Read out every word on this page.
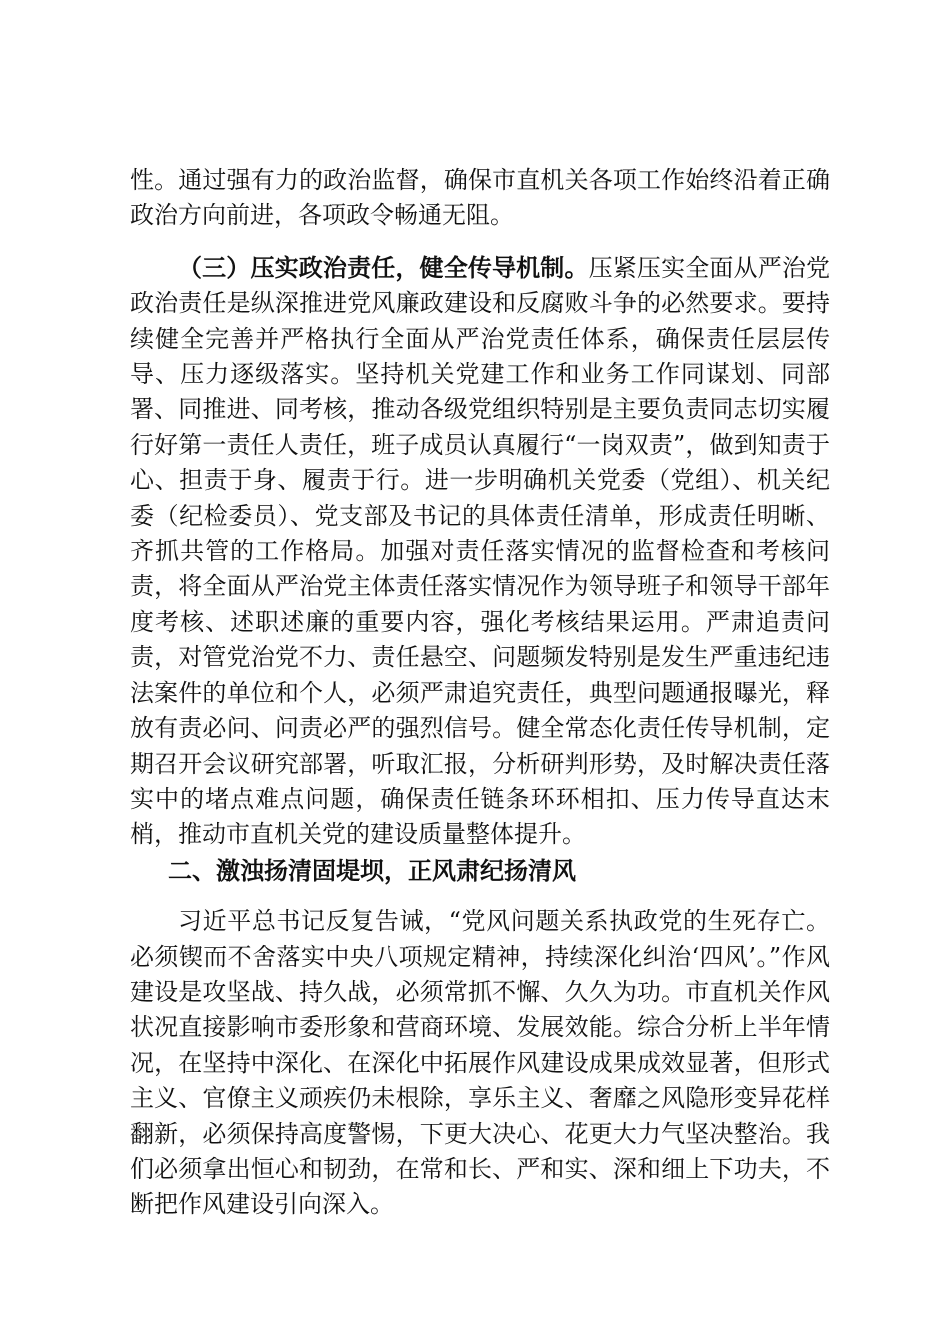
性。通过强有力的政治监督，确保市直机关各项工作始终沿着正确政治方向前进，各项政令畅通无阻。

（三）压实政治责任，健全传导机制。压紧压实全面从严治党政治责任是纵深推进党风廉政建设和反腐败斗争的必然要求。要持续健全完善并严格执行全面从严治党责任体系，确保责任层层传导、压力逐级落实。坚持机关党建工作和业务工作同谋划、同部署、同推进、同考核，推动各级党组织特别是主要负责同志切实履行好第一责任人责任，班子成员认真履行“一岗双责”，做到知责于心、担责于身、履责于行。进一步明确机关党委（党组）、机关纪委（纪检委员）、党支部及书记的具体责任清单，形成责任明晰、齐抓共管的工作格局。加强对责任落实情况的监督检查和考核问责，将全面从严治党主体责任落实情况作为领导班子和领导干部年度考核、述职述廉的重要内容，强化考核结果运用。严肃追责问责，对管党治党不力、责任悬空、问题频发特别是发生严重违纪违法案件的单位和个人，必须严肃追究责任，典型问题通报曝光，释放有责必问、问责必严的强烈信号。健全常态化责任传导机制，定期召开会议研究部署，听取汇报，分析研判形势，及时解决责任落实中的堵点难点问题，确保责任链条环环相扣、压力传导直达末梢，推动市直机关党的建设质量整体提升。

二、激浊扬清固堤坝，正风肃纪扬清风

习近平总书记反复告诫，“党风问题关系执政党的生死存亡。必须锲而不舍落实中央八项规定精神，持续深化纠治‘四风’。”作风建设是攻坚战、持久战，必须常抓不懈、久久为功。市直机关作风状况直接影响市委形象和营商环境、发展效能。综合分析上半年情况，在坚持中深化、在深化中拓展作风建设成果成效显著，但形式主义、官僚主义顽疾仍未根除，享乐主义、奢靡之风隐形变异花样翻新，必须保持高度警惕，下更大决心、花更大力气坚决整治。我们必须拿出恒心和韧劲，在常和长、严和实、深和细上下功夫，不断把作风建设引向深入。
